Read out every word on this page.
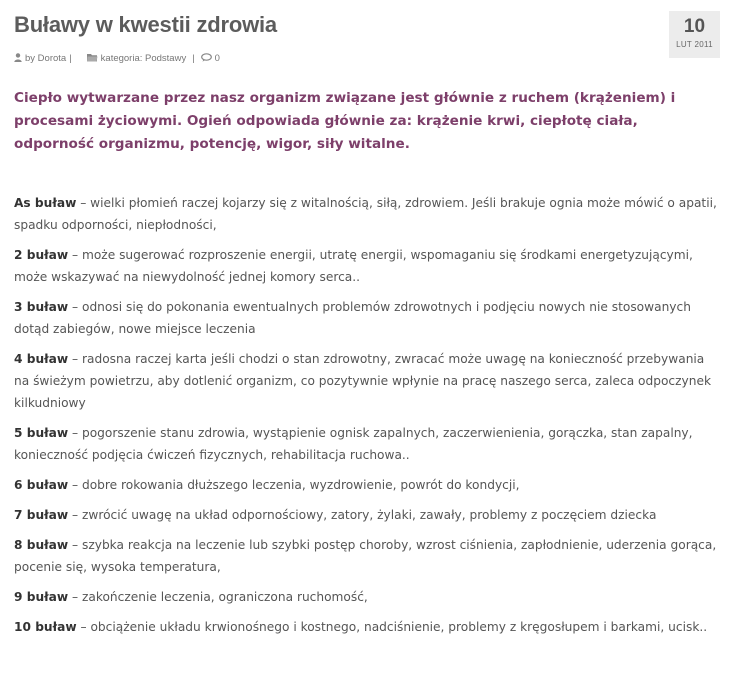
Buławy w kwestii zdrowia	10
LUT 2011
by Dorota |	kategoria: Podstawy | 0

Ciepło wytwarzane przez nasz organizm związane jest głównie z ruchem (krążeniem) i procesami życiowymi. Ogień odpowiada głównie za: krążenie krwi, ciepłotę ciała, odporność organizmu, potencję, wigor, siły witalne.

As buław – wielki płomień raczej kojarzy się z witalnością, siłą, zdrowiem. Jeśli brakuje ognia może mówić o apatii, spadku odporności, niepłodności,

2 buław – może sugerować rozproszenie energii, utratę energii, wspomaganiu się środkami energetyzującymi, może wskazywać na niewydolność jednej komory serca..

3 buław – odnosi się do pokonania ewentualnych problemów zdrowotnych i podjęciu nowych nie stosowanych dotąd zabiegów, nowe miejsce leczenia

4 buław – radosna raczej karta jeśli chodzi o stan zdrowotny, zwracać może uwagę na konieczność przebywania na świeżym powietrzu, aby dotlenić organizm, co pozytywnie wpłynie na pracę naszego serca, zaleca odpoczynek kilkudniowy

5 buław – pogorszenie stanu zdrowia, wystąpienie ognisk zapalnych, zaczerwienienia, gorączka, stan zapalny, konieczność podjęcia ćwiczeń fizycznych, rehabilitacja ruchowa..

6 buław – dobre rokowania dłuższego leczenia, wyzdrowienie, powrót do kondycji,

7 buław – zwrócić uwagę na układ odpornościowy, zatory, żylaki, zawały, problemy z poczęciem dziecka

8 buław – szybka reakcja na leczenie lub szybki postęp choroby, wzrost ciśnienia, zapłodnienie, uderzenia gorąca, pocenie się, wysoka temperatura,

9 buław – zakończenie leczenia, ograniczona ruchomość,

10 buław – obciążenie układu krwionośnego i kostnego, nadciśnienie, problemy z kręgosłupem i barkami, ucisk..
